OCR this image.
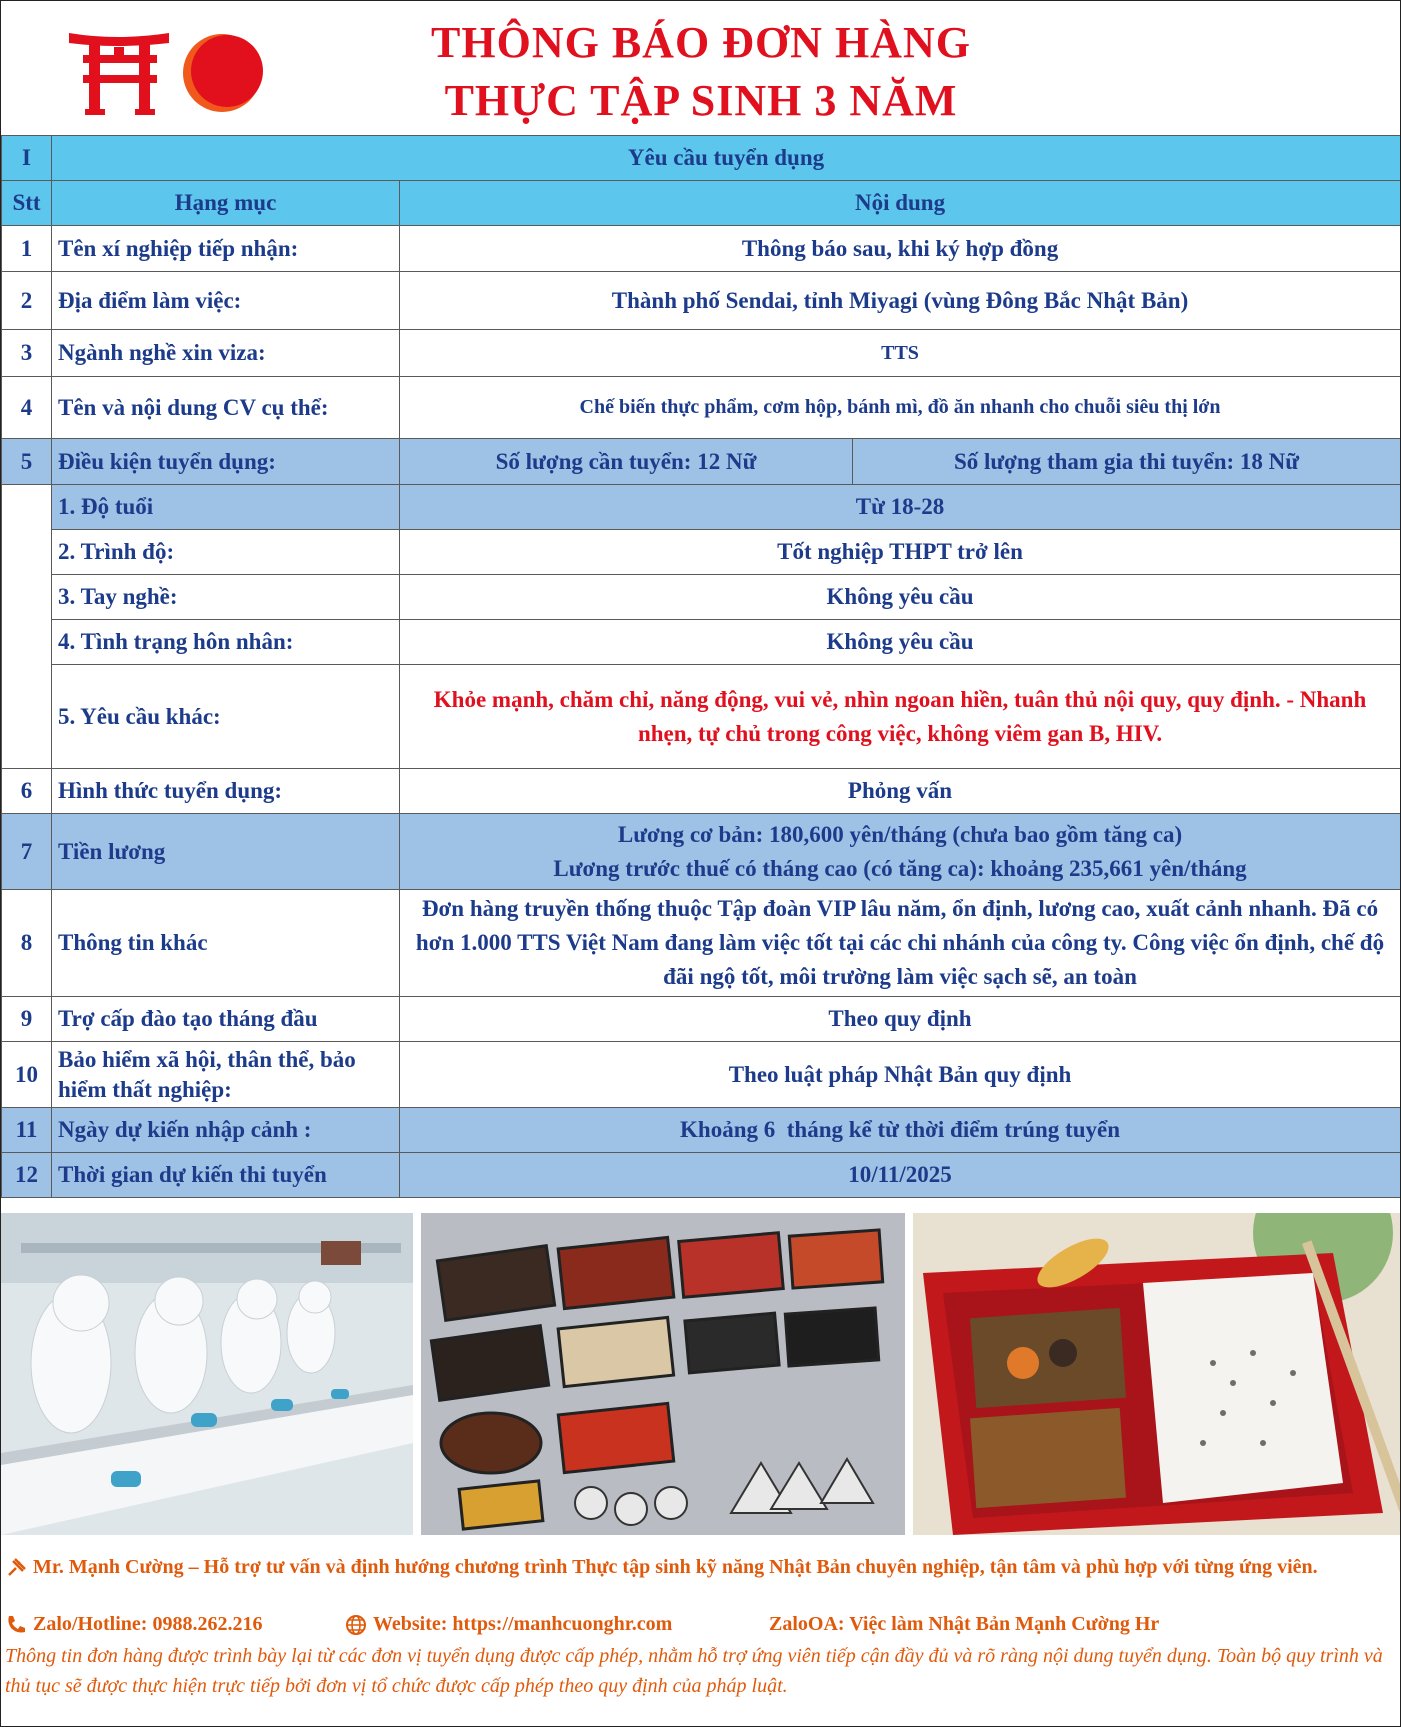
THÔNG BÁO ĐƠN HÀNG
THỰC TẬP SINH 3 NĂM
I	Yêu cầu tuyển dụng		
Stt	Hạng mục	Nội dung	
1	Tên xí nghiệp tiếp nhận:	Thông báo sau, khi ký hợp đồng	
2	Địa điểm làm việc:	Thành phố Sendai, tỉnh Miyagi (vùng Đông Bắc Nhật Bản)	
3	Ngành nghề xin viza:	TTS	
4	Tên và nội dung CV cụ thể:	Chế biến thực phẩm, cơm hộp, bánh mì, đồ ăn nhanh cho chuỗi siêu thị lớn	
5	Điều kiện tuyển dụng:	Số lượng cần tuyển: 12 Nữ	Số lượng tham gia thi tuyển: 18 Nữ
	1. Độ tuổi	Từ 18-28	
	2. Trình độ:	Tốt nghiệp THPT trở lên	
	3. Tay nghề:	Không yêu cầu	
	4. Tình trạng hôn nhân:	Không yêu cầu	
	5. Yêu cầu khác:	Khỏe mạnh, chăm chỉ, năng động, vui vẻ, nhìn ngoan hiền, tuân thủ nội quy, quy định. - Nhanh nhẹn, tự chủ trong công việc, không viêm gan B, HIV.	
6	Hình thức tuyển dụng:	Phỏng vấn	
7	Tiền lương	Lương cơ bản: 180,600 yên/tháng (chưa bao gồm tăng ca)
Lương trước thuế có tháng cao (có tăng ca): khoảng 235,661 yên/tháng	

8	Thông tin khác	Đơn hàng truyền thống thuộc Tập đoàn VIP lâu năm, ổn định, lương cao, xuất cảnh nhanh. Đã có hơn 1.000 TTS Việt Nam đang làm việc tốt tại các chi nhánh của công ty. Công việc ổn định, chế độ đãi ngộ tốt, môi trường làm việc sạch sẽ, an toàn	
9	Trợ cấp đào tạo tháng đầu	Theo quy định	
10	Bảo hiểm xã hội, thân thể, bảo hiểm thất nghiệp:	Theo luật pháp Nhật Bản quy định	
11	Ngày dự kiến nhập cảnh :	Khoảng 6  tháng kể từ thời điểm trúng tuyển	
12	Thời gian dự kiến thi tuyển	10/11/2025	
Mr. Mạnh Cường – Hỗ trợ tư vấn và định hướng chương trình Thực tập sinh kỹ năng Nhật Bản chuyên nghiệp, tận tâm và phù hợp với từng ứng viên.
Zalo/Hotline: 0988.262.216	Website: https://manhcuonghr.com	ZaloOA: Việc làm Nhật Bản Mạnh Cường Hr
Thông tin đơn hàng được trình bày lại từ các đơn vị tuyển dụng được cấp phép, nhằm hỗ trợ ứng viên tiếp cận đầy đủ và rõ ràng nội dung tuyển dụng. Toàn bộ quy trình và thủ tục sẽ được thực hiện trực tiếp bởi đơn vị tổ chức được cấp phép theo quy định của pháp luật.
